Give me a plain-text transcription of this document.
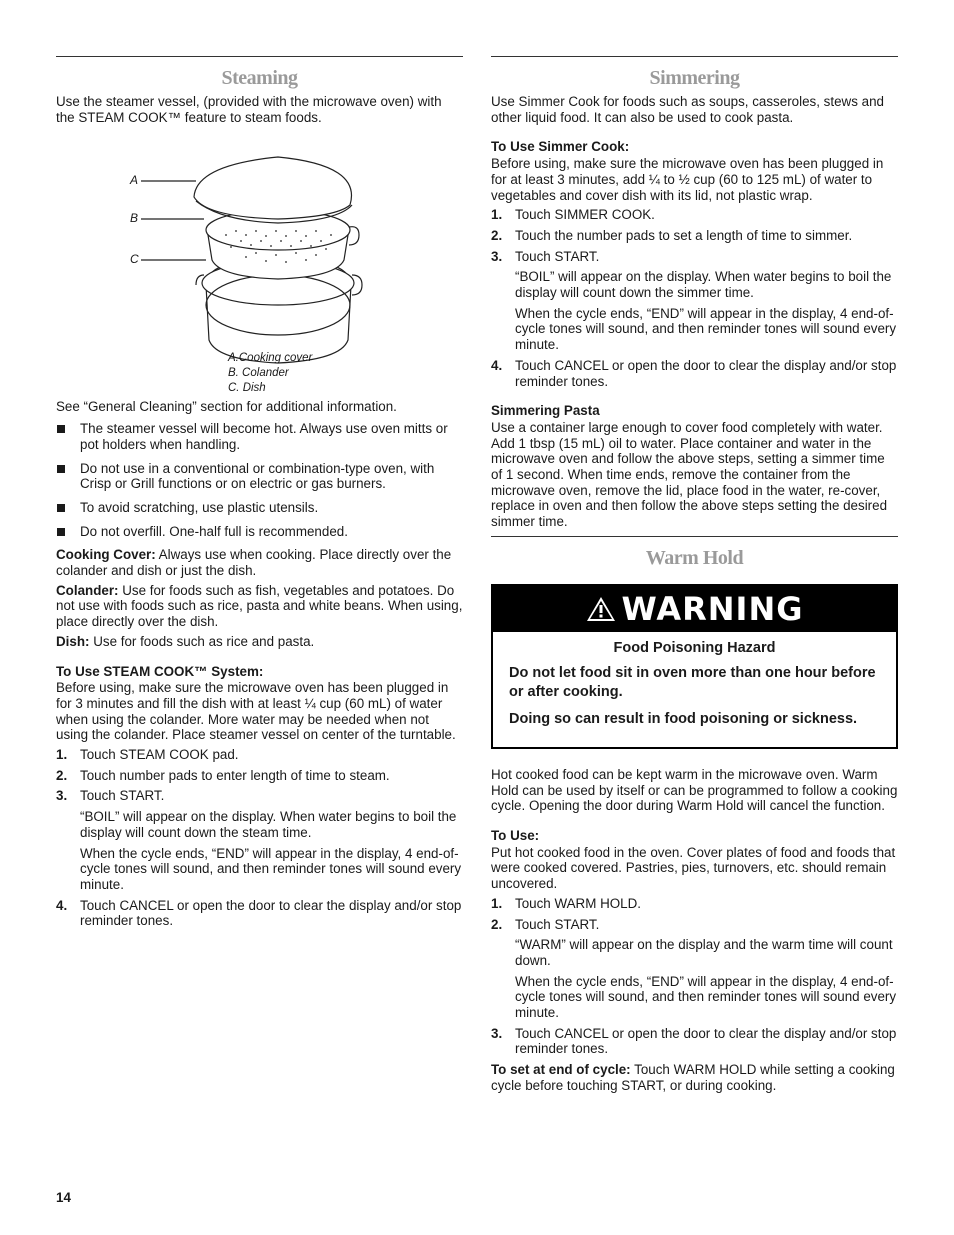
Steaming

Use the steamer vessel, (provided with the microwave oven) with the STEAM COOK™ feature to steam foods.

A
B
C
A.Cooking cover
B. Colander
C. Dish

See “General Cleaning” section for additional information.

The steamer vessel will become hot. Always use oven mitts or pot holders when handling.
Do not use in a conventional or combination-type oven, with Crisp or Grill functions or on electric or gas burners.
To avoid scratching, use plastic utensils.
Do not overfill. One-half full is recommended.

Cooking Cover: Always use when cooking. Place directly over the colander and dish or just the dish.

Colander: Use for foods such as fish, vegetables and potatoes. Do not use with foods such as rice, pasta and white beans. When using, place directly over the dish.

Dish: Use for foods such as rice and pasta.

To Use STEAM COOK™ System:

Before using, make sure the microwave oven has been plugged in for 3 minutes and fill the dish with at least ¼ cup (60 mL) of water when using the colander. More water may be needed when not using the colander. Place steamer vessel on center of the turntable.

1. Touch STEAM COOK pad.
2. Touch number pads to enter length of time to steam.
3. Touch START.
“BOIL” will appear on the display. When water begins to boil the display will count down the steam time.
When the cycle ends, “END” will appear in the display, 4 end-of-cycle tones will sound, and then reminder tones will sound every minute.
4. Touch CANCEL or open the door to clear the display and/or stop reminder tones.
Simmering

Use Simmer Cook for foods such as soups, casseroles, stews and other liquid food. It can also be used to cook pasta.

To Use Simmer Cook:

Before using, make sure the microwave oven has been plugged in for at least 3 minutes, add ¼ to ½ cup (60 to 125 mL) of water to vegetables and cover dish with its lid, not plastic wrap.

1. Touch SIMMER COOK.
2. Touch the number pads to set a length of time to simmer.
3. Touch START.
“BOIL” will appear on the display. When water begins to boil the display will count down the simmer time.
When the cycle ends, “END” will appear in the display, 4 end-of-cycle tones will sound, and then reminder tones will sound every minute.
4. Touch CANCEL or open the door to clear the display and/or stop reminder tones.
Simmering Pasta

Use a container large enough to cover food completely with water. Add 1 tbsp (15 mL) oil to water. Place container and water in the microwave oven and follow the above steps, setting a simmer time of 1 second. When time ends, remove the container from the microwave oven, remove the lid, place food in the water, re-cover, replace in oven and then follow the above steps setting the desired simmer time.

Warm Hold
WARNING
Food Poisoning Hazard
Do not let food sit in oven more than one hour before or after cooking.
Doing so can result in food poisoning or sickness.

Hot cooked food can be kept warm in the microwave oven. Warm Hold can be used by itself or can be programmed to follow a cooking cycle. Opening the door during Warm Hold will cancel the function.

To Use:

Put hot cooked food in the oven. Cover plates of food and foods that were cooked covered. Pastries, pies, turnovers, etc. should remain uncovered.

1. Touch WARM HOLD.
2. Touch START.
“WARM” will appear on the display and the warm time will count down.
When the cycle ends, “END” will appear in the display, 4 end-of-cycle tones will sound, and then reminder tones will sound every minute.
3. Touch CANCEL or open the door to clear the display and/or stop reminder tones.

To set at end of cycle: Touch WARM HOLD while setting a cooking cycle before touching START, or during cooking.

14
